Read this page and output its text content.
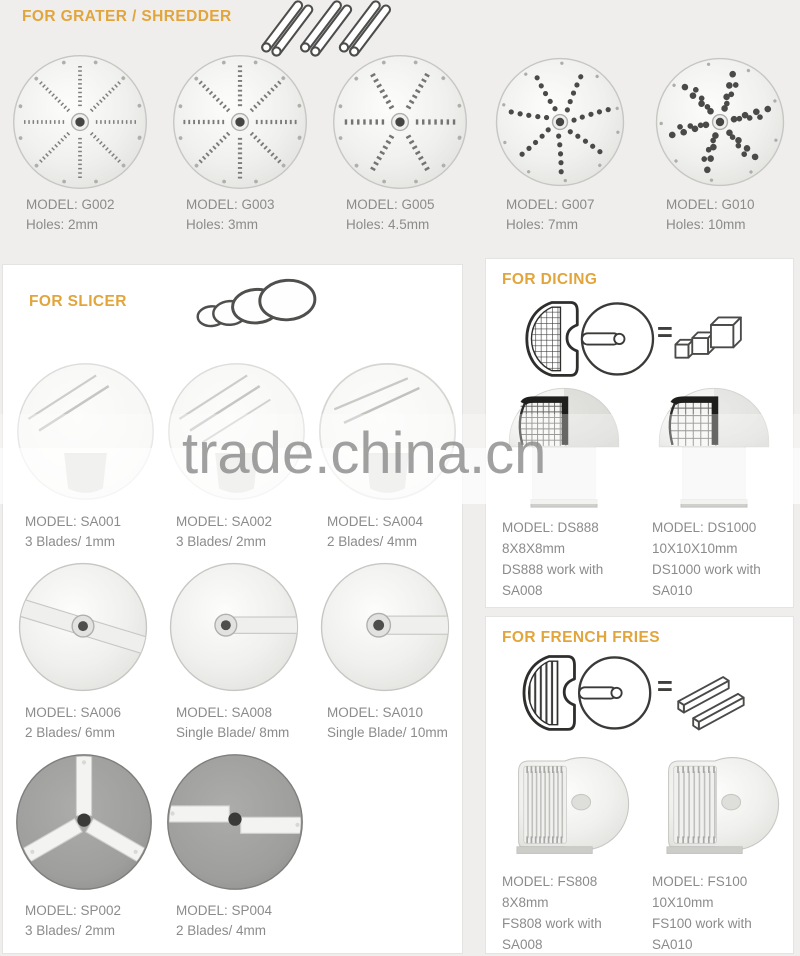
FOR GRATER / SHREDDER
MODEL: G002
Holes: 2mm
MODEL: G003
Holes: 3mm
MODEL: G005
Holes: 4.5mm
MODEL: G007
Holes: 7mm
MODEL: G010
Holes: 10mm
FOR SLICER
MODEL: SA001
3 Blades/ 1mm
MODEL: SA002
3 Blades/ 2mm
MODEL: SA004
2 Blades/ 4mm
MODEL: SA006
2 Blades/ 6mm
MODEL: SA008
Single Blade/ 8mm
MODEL: SA010
Single Blade/ 10mm
MODEL: SP002
3 Blades/ 2mm
MODEL: SP004
2 Blades/ 4mm
FOR DICING
=
MODEL: DS888
8X8X8mm
DS888 work with
SA008
MODEL: DS1000
10X10X10mm
DS1000 work with
SA010
FOR FRENCH FRIES
=
MODEL: FS808
8X8mm
FS808 work with
SA008
MODEL: FS100
10X10mm
FS100 work with
SA010
trade.china.cn
